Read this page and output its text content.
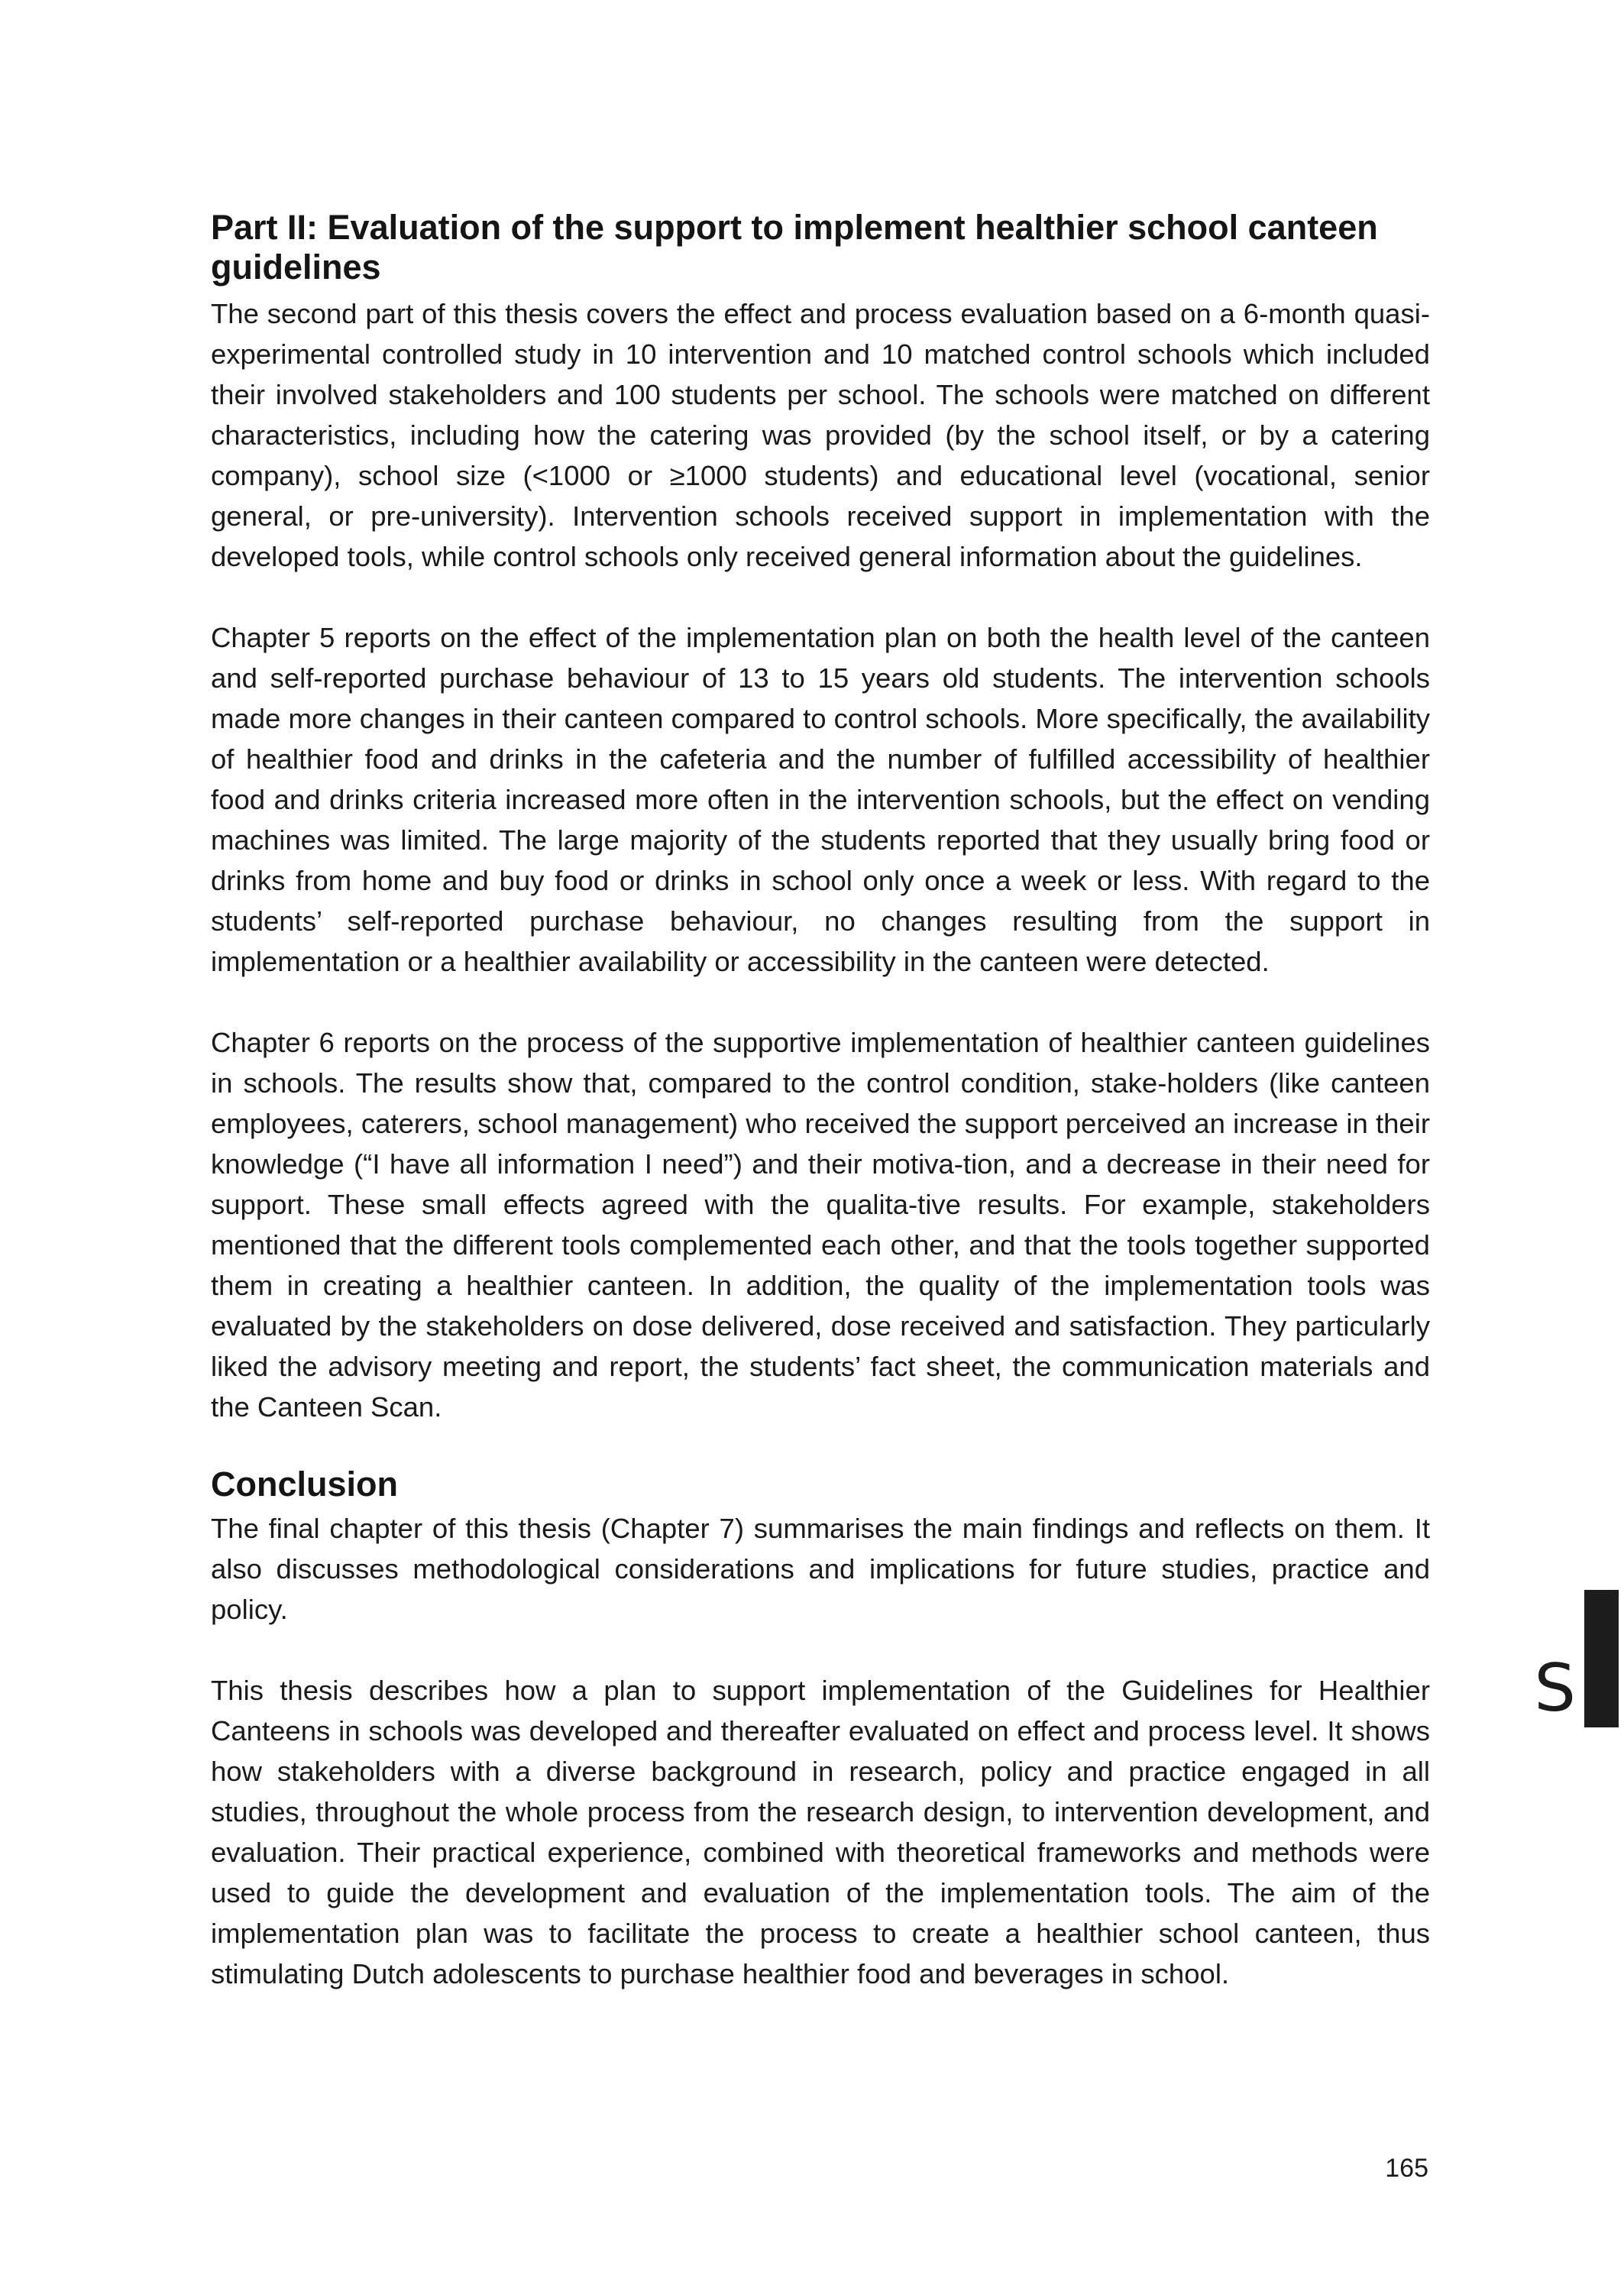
Part II: Evaluation of the support to implement healthier school canteen guidelines

The second part of this thesis covers the effect and process evaluation based on a 6-month quasi-experimental controlled study in 10 intervention and 10 matched control schools which included their involved stakeholders and 100 students per school. The schools were matched on different characteristics, including how the catering was provided (by the school itself, or by a catering company), school size (<1000 or ≥1000 students) and educational level (vocational, senior general, or pre-university). Intervention schools received support in implementation with the developed tools, while control schools only received general information about the guidelines.

Chapter 5 reports on the effect of the implementation plan on both the health level of the canteen and self-reported purchase behaviour of 13 to 15 years old students. The intervention schools made more changes in their canteen compared to control schools. More specifically, the availability of healthier food and drinks in the cafeteria and the number of fulfilled accessibility of healthier food and drinks criteria increased more often in the intervention schools, but the effect on vending machines was limited. The large majority of the students reported that they usually bring food or drinks from home and buy food or drinks in school only once a week or less. With regard to the students’ self-reported purchase behaviour, no changes resulting from the support in implementation or a healthier availability or accessibility in the canteen were detected.

Chapter 6 reports on the process of the supportive implementation of healthier canteen guidelines in schools. The results show that, compared to the control condition, stake-holders (like canteen employees, caterers, school management) who received the support perceived an increase in their knowledge (“I have all information I need”) and their motiva-tion, and a decrease in their need for support. These small effects agreed with the qualita-tive results. For example, stakeholders mentioned that the different tools complemented each other, and that the tools together supported them in creating a healthier canteen. In addition, the quality of the implementation tools was evaluated by the stakeholders on dose delivered, dose received and satisfaction. They particularly liked the advisory meeting and report, the students’ fact sheet, the communication materials and the Canteen Scan.

Conclusion

The final chapter of this thesis (Chapter 7) summarises the main findings and reflects on them. It also discusses methodological considerations and implications for future studies, practice and policy.

This thesis describes how a plan to support implementation of the Guidelines for Healthier Canteens in schools was developed and thereafter evaluated on effect and process level. It shows how stakeholders with a diverse background in research, policy and practice engaged in all studies, throughout the whole process from the research design, to intervention development, and evaluation. Their practical experience, combined with theoretical frameworks and methods were used to guide the development and evaluation of the implementation tools. The aim of the implementation plan was to facilitate the process to create a healthier school canteen, thus stimulating Dutch adolescents to purchase healthier food and beverages in school.

S
165
